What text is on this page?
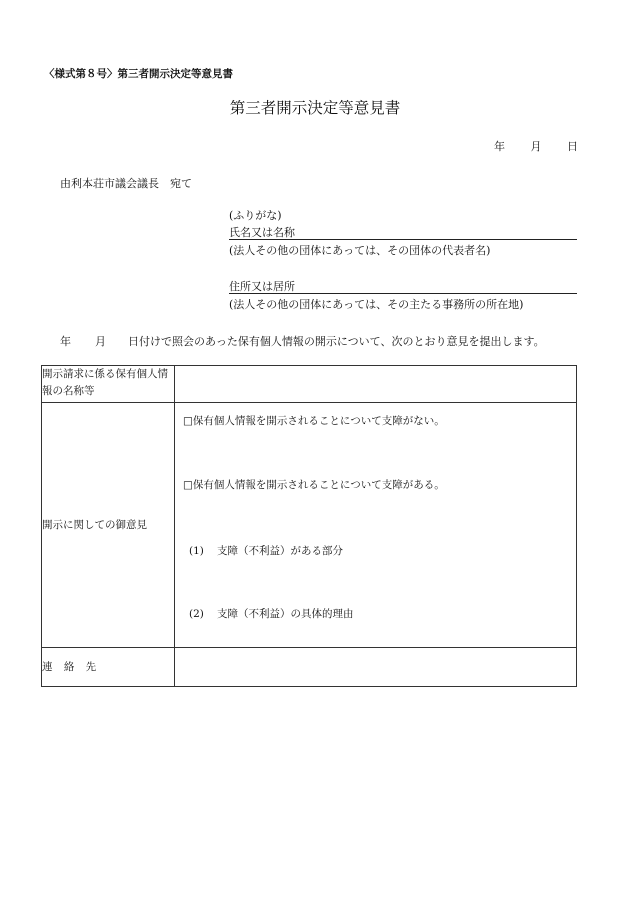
〈様式第８号〉第三者開示決定等意見書
第三者開示決定等意見書
年 月 日
由利本荘市議会議長　宛て
(ふりがな)
氏名又は名称
(法人その他の団体にあっては、その団体の代表者名)
住所又は居所
(法人その他の団体にあっては、その主たる事務所の所在地)
年 月 日付けで照会のあった保有個人情報の開示について、次のとおり意見を提出します。
開示請求に係る保有個人情報の名称等	
開示に関しての御意見	□保有個人情報を開示されることについて支障がない。
□保有個人情報を開示されることについて支障がある。
(1) 支障（不利益）がある部分
(2) 支障（不利益）の具体的理由

連 絡 先	
